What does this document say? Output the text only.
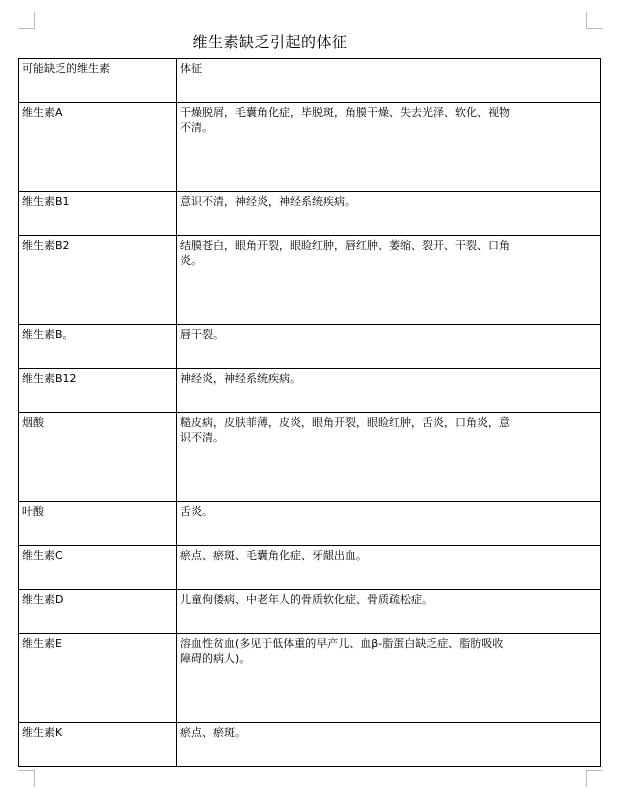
维生素缺乏引起的体征
可能缺乏的维生素	体征
维生素A	干燥脱屑，毛囊角化症，毕脱斑，角膜干燥、失去光泽、软化、视物不清。

维生素B1	意识不清，神经炎，神经系统疾病。

维生素B2	结膜苍白，眼角开裂，眼睑红肿，唇红肿、萎缩、裂开、干裂、口角炎。

维生素B。	唇干裂。

维生素B12	神经炎，神经系统疾病。

烟酸	糙皮病，皮肤菲薄，皮炎，眼角开裂，眼睑红肿，舌炎，口角炎，意识不清。

叶酸	舌炎。

维生素C	瘀点、瘀斑、毛囊角化症、牙龈出血。

维生素D	儿童佝偻病、中老年人的骨质软化症、骨质疏松症。

维生素E	溶血性贫血(多见于低体重的早产儿、血β-脂蛋白缺乏症、脂肪吸收障碍的病人)。

维生素K	瘀点、瘀斑。
